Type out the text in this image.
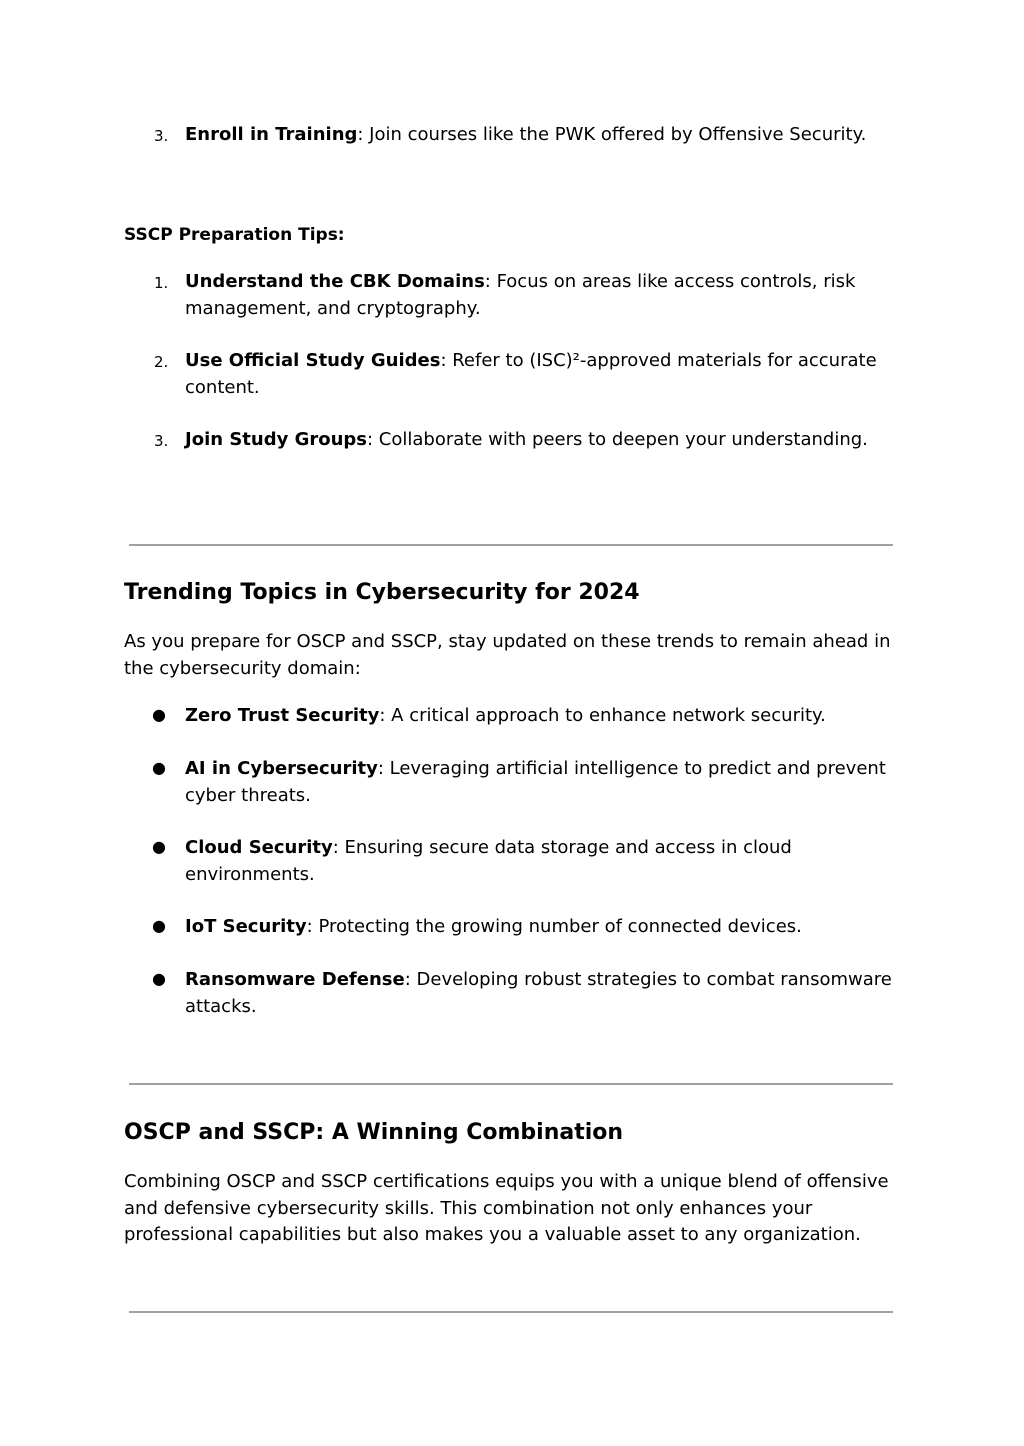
3. Enroll in Training: Join courses like the PWK offered by Offensive Security.
SSCP Preparation Tips:
1. Understand the CBK Domains: Focus on areas like access controls, risk management, and cryptography.
2. Use Official Study Guides: Refer to (ISC)²-approved materials for accurate content.
3. Join Study Groups: Collaborate with peers to deepen your understanding.
Trending Topics in Cybersecurity for 2024
As you prepare for OSCP and SSCP, stay updated on these trends to remain ahead in the cybersecurity domain:
● Zero Trust Security: A critical approach to enhance network security.
● AI in Cybersecurity: Leveraging artificial intelligence to predict and prevent cyber threats.
● Cloud Security: Ensuring secure data storage and access in cloud environments.
● IoT Security: Protecting the growing number of connected devices.
● Ransomware Defense: Developing robust strategies to combat ransomware attacks.
OSCP and SSCP: A Winning Combination
Combining OSCP and SSCP certifications equips you with a unique blend of offensive and defensive cybersecurity skills. This combination not only enhances your professional capabilities but also makes you a valuable asset to any organization.
